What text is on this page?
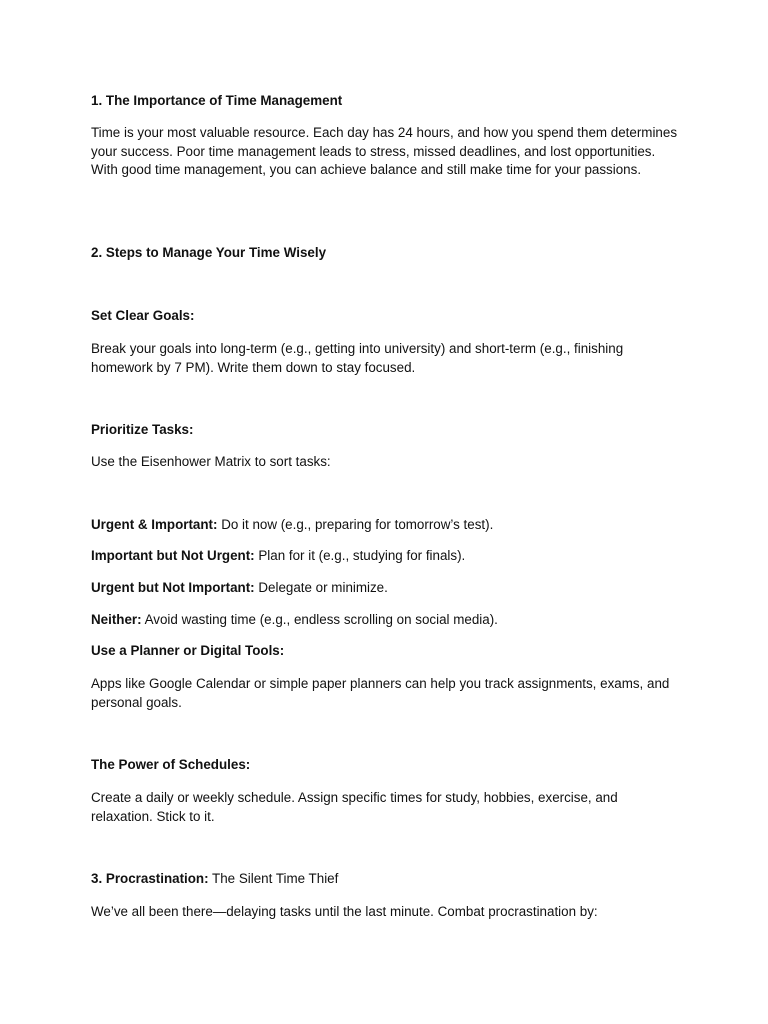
1. The Importance of Time Management

Time is your most valuable resource. Each day has 24 hours, and how you spend them determines your success. Poor time management leads to stress, missed deadlines, and lost opportunities. With good time management, you can achieve balance and still make time for your passions.

2. Steps to Manage Your Time Wisely

Set Clear Goals:

Break your goals into long-term (e.g., getting into university) and short-term (e.g., finishing homework by 7 PM). Write them down to stay focused.

Prioritize Tasks:

Use the Eisenhower Matrix to sort tasks:

Urgent & Important: Do it now (e.g., preparing for tomorrow’s test).

Important but Not Urgent: Plan for it (e.g., studying for finals).

Urgent but Not Important: Delegate or minimize.

Neither: Avoid wasting time (e.g., endless scrolling on social media).

Use a Planner or Digital Tools:

Apps like Google Calendar or simple paper planners can help you track assignments, exams, and personal goals.

The Power of Schedules:

Create a daily or weekly schedule. Assign specific times for study, hobbies, exercise, and relaxation. Stick to it.

3. Procrastination: The Silent Time Thief

We’ve all been there—delaying tasks until the last minute. Combat procrastination by:
